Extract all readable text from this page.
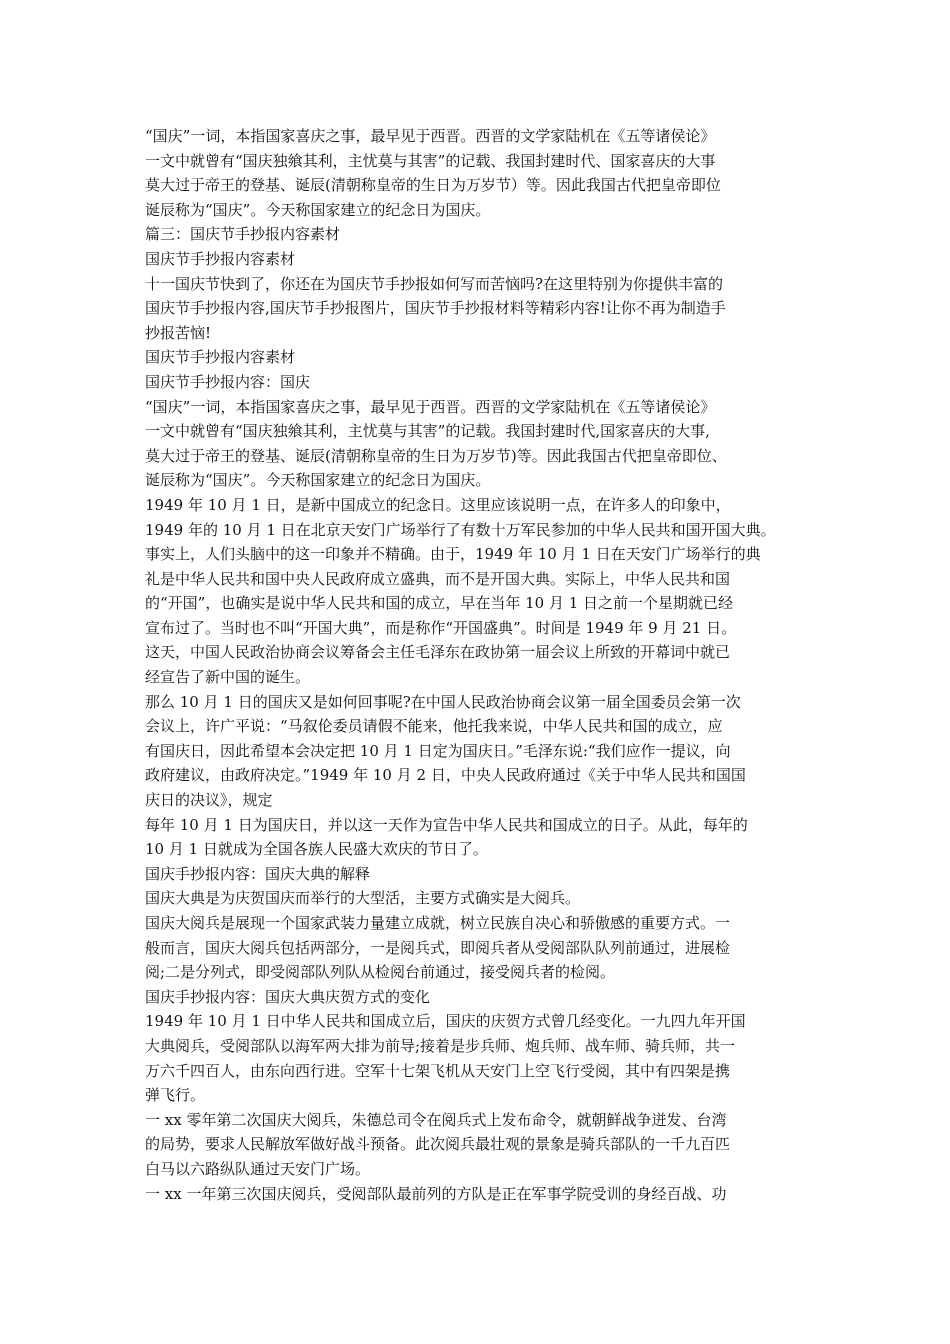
“国庆”一词，本指国家喜庆之事，最早见于西晋。西晋的文学家陆机在《五等诸侯论》
一文中就曾有“国庆独飨其利，主忧莫与其害”的记载、我国封建时代、国家喜庆的大事
莫大过于帝王的登基、诞辰(清朝称皇帝的生日为万岁节）等。因此我国古代把皇帝即位
诞辰称为“国庆”。今天称国家建立的纪念日为国庆。
篇三：国庆节手抄报内容素材
国庆节手抄报内容素材
十一国庆节快到了，你还在为国庆节手抄报如何写而苦恼吗?在这里特别为你提供丰富的
国庆节手抄报内容,国庆节手抄报图片，国庆节手抄报材料等精彩内容!让你不再为制造手
抄报苦恼!
国庆节手抄报内容素材
国庆节手抄报内容：国庆
“国庆”一词，本指国家喜庆之事，最早见于西晋。西晋的文学家陆机在《五等诸侯论》
一文中就曾有“国庆独飨其利，主忧莫与其害”的记载。我国封建时代,国家喜庆的大事,
莫大过于帝王的登基、诞辰(清朝称皇帝的生日为万岁节)等。因此我国古代把皇帝即位、
诞辰称为“国庆”。今天称国家建立的纪念日为国庆。
1949 年 10 月 1 日，是新中国成立的纪念日。这里应该说明一点，在许多人的印象中，
1949 年的 10 月 1 日在北京天安门广场举行了有数十万军民参加的中华人民共和国开国大典。
事实上，人们头脑中的这一印象并不精确。由于，1949 年 10 月 1 日在天安门广场举行的典
礼是中华人民共和国中央人民政府成立盛典，而不是开国大典。实际上，中华人民共和国
的“开国”，也确实是说中华人民共和国的成立，早在当年 10 月 1 日之前一个星期就已经
宣布过了。当时也不叫“开国大典”，而是称作“开国盛典”。时间是 1949 年 9 月 21 日。
这天，中国人民政治协商会议筹备会主任毛泽东在政协第一届会议上所致的开幕词中就已
经宣告了新中国的诞生。
那么 10 月 1 日的国庆又是如何回事呢?在中国人民政治协商会议第一届全国委员会第一次
会议上，许广平说：“马叙伦委员请假不能来，他托我来说，中华人民共和国的成立，应
有国庆日，因此希望本会决定把 10 月 1 日定为国庆日。”毛泽东说:“我们应作一提议，向
政府建议，由政府决定。”1949 年 10 月 2 日，中央人民政府通过《关于中华人民共和国国
庆日的决议》，规定
每年 10 月 1 日为国庆日，并以这一天作为宣告中华人民共和国成立的日子。从此，每年的
10 月 1 日就成为全国各族人民盛大欢庆的节日了。
国庆手抄报内容：国庆大典的解释
国庆大典是为庆贺国庆而举行的大型活，主要方式确实是大阅兵。
国庆大阅兵是展现一个国家武装力量建立成就，树立民族自决心和骄傲感的重要方式。一
般而言，国庆大阅兵包括两部分，一是阅兵式，即阅兵者从受阅部队队列前通过，进展检
阅;二是分列式，即受阅部队列队从检阅台前通过，接受阅兵者的检阅。
国庆手抄报内容：国庆大典庆贺方式的变化
1949 年 10 月 1 日中华人民共和国成立后，国庆的庆贺方式曾几经变化。一九四九年开国
大典阅兵，受阅部队以海军两大排为前导;接着是步兵师、炮兵师、战车师、骑兵师，共一
万六千四百人，由东向西行进。空军十七架飞机从天安门上空飞行受阅，其中有四架是携
弹飞行。
一 xx 零年第二次国庆大阅兵，朱德总司令在阅兵式上发布命令，就朝鲜战争迸发、台湾
的局势，要求人民解放军做好战斗预备。此次阅兵最壮观的景象是骑兵部队的一千九百匹
白马以六路纵队通过天安门广场。
一 xx 一年第三次国庆阅兵，受阅部队最前列的方队是正在军事学院受训的身经百战、功
